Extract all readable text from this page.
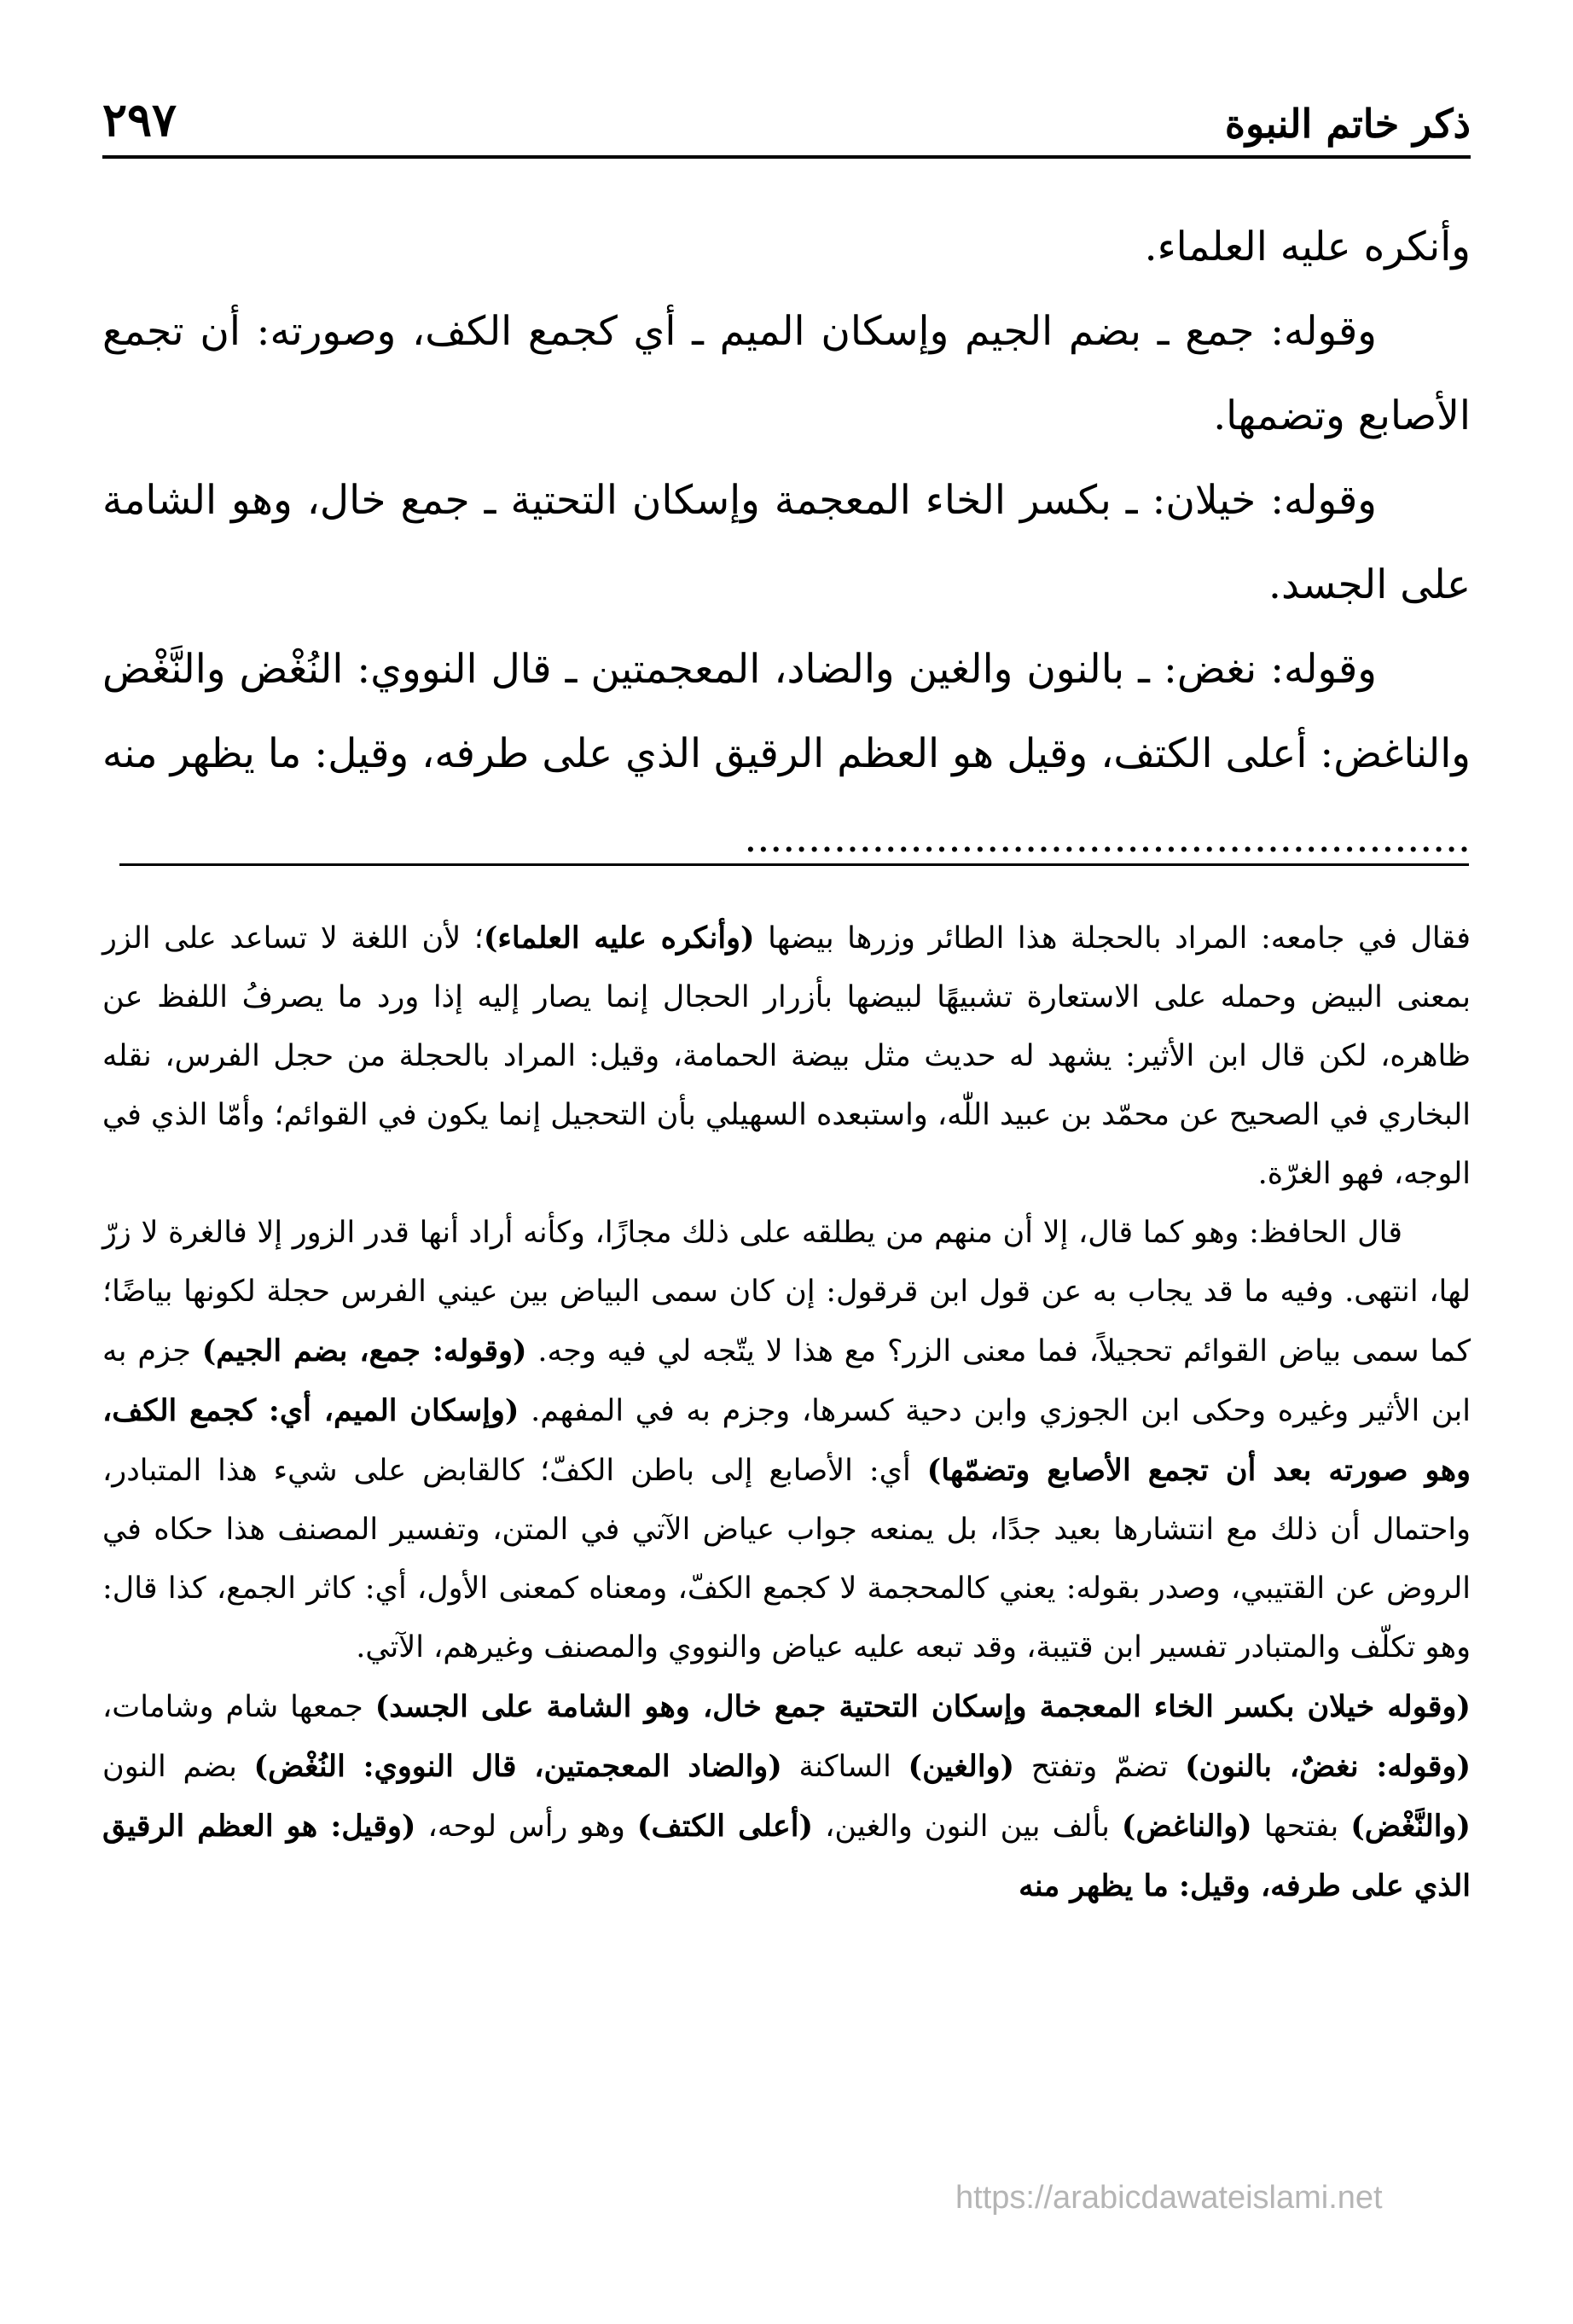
ذكر خاتم النبوة
٢٩٧

وأنكره عليه العلماء.

وقوله: جمع ـ بضم الجيم وإسكان الميم ـ أي كجمع الكف، وصورته: أن تجمع الأصابع وتضمها.

وقوله: خيلان: ـ بكسر الخاء المعجمة وإسكان التحتية ـ جمع خال، وهو الشامة على الجسد.

وقوله: نغض: ـ بالنون والغين والضاد، المعجمتين ـ قال النووي: النُغْض والنَّغْض والناغض: أعلى الكتف، وقيل هو العظم الرقيق الذي على طرفه، وقيل: ما يظهر منه .........................................................

فقال في جامعه: المراد بالحجلة هذا الطائر وزرها بيضها (وأنكره عليه العلماء)؛ لأن اللغة لا تساعد على الزر بمعنى البيض وحمله على الاستعارة تشبيهًا لبيضها بأزرار الحجال إنما يصار إليه إذا ورد ما يصرفُ اللفظ عن ظاهره، لكن قال ابن الأثير: يشهد له حديث مثل بيضة الحمامة، وقيل: المراد بالحجلة من حجل الفرس، نقله البخاري في الصحيح عن محمّد بن عبيد اللّٰه، واستبعده السهيلي بأن التحجيل إنما يكون في القوائم؛ وأمّا الذي في الوجه، فهو الغرّة.

قال الحافظ: وهو كما قال، إلا أن منهم من يطلقه على ذلك مجازًا، وكأنه أراد أنها قدر الزور إلا فالغرة لا زرّ لها، انتهى. وفيه ما قد يجاب به عن قول ابن قرقول: إن كان سمى البياض بين عيني الفرس حجلة لكونها بياضًا؛ كما سمى بياض القوائم تحجيلاً، فما معنى الزر؟ مع هذا لا يتّجه لي فيه وجه. (وقوله: جمع، بضم الجيم) جزم به ابن الأثير وغيره وحكى ابن الجوزي وابن دحية كسرها، وجزم به في المفهم. (وإسكان الميم، أي: كجمع الكف، وهو صورته بعد أن تجمع الأصابع وتضمّها) أي: الأصابع إلى باطن الكفّ؛ كالقابض على شيء هذا المتبادر، واحتمال أن ذلك مع انتشارها بعيد جدًا، بل يمنعه جواب عياض الآتي في المتن، وتفسير المصنف هذا حكاه في الروض عن القتيبي، وصدر بقوله: يعني كالمحجمة لا كجمع الكفّ، ومعناه كمعنى الأول، أي: كاثر الجمع، كذا قال: وهو تكلّف والمتبادر تفسير ابن قتيبة، وقد تبعه عليه عياض والنووي والمصنف وغيرهم، الآتي.

(وقوله خيلان بكسر الخاء المعجمة وإسكان التحتية جمع خال، وهو الشامة على الجسد) جمعها شام وشامات، (وقوله: نغضٌ، بالنون) تضمّ وتفتح (والغين) الساكنة (والضاد المعجمتين، قال النووي: النُغْض) بضم النون (والنَّغْض) بفتحها (والناغض) بألف بين النون والغين، (أعلى الكتف) وهو رأس لوحه، (وقيل: هو العظم الرقيق الذي على طرفه، وقيل: ما يظهر منه

https://arabicdawateislami.net
